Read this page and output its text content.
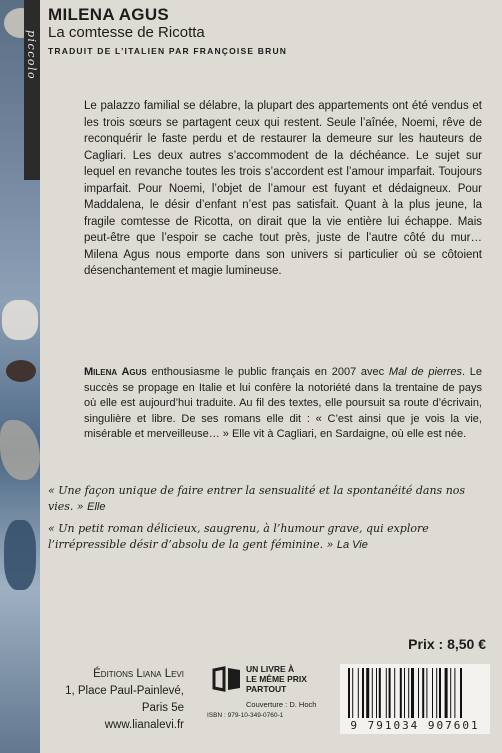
piccolo
MILENA AGUS
La comtesse de Ricotta
TRADUIT DE L’ITALIEN PAR FRANÇOISE BRUN

Le palazzo familial se délabre, la plupart des appartements ont été vendus et les trois sœurs se partagent ceux qui restent. Seule l’aînée, Noemi, rêve de reconquérir le faste perdu et de restaurer la demeure sur les hauteurs de Cagliari. Les deux autres s’accommodent de la déchéance. Le sujet sur lequel en revanche toutes les trois s’accordent est l’amour imparfait. Toujours imparfait. Pour Noemi, l’objet de l’amour est fuyant et dédaigneux. Pour Maddalena, le désir d’enfant n’est pas satisfait. Quant à la plus jeune, la fragile comtesse de Ricotta, on dirait que la vie entière lui échappe. Mais peut-être que l’espoir se cache tout près, juste de l’autre côté du mur… Milena Agus nous emporte dans son univers si particulier où se côtoient désenchantement et magie lumineuse.

Milena Agus enthousiasme le public français en 2007 avec Mal de pierres. Le succès se propage en Italie et lui confère la notoriété dans la trentaine de pays où elle est aujourd’hui traduite. Au fil des textes, elle poursuit sa route d’écrivain, singulière et libre. De ses romans elle dit : « C’est ainsi que je vois la vie, misérable et merveilleuse… » Elle vit à Cagliari, en Sardaigne, où elle est née.

« Une façon unique de faire entrer la sensualité et la spontanéité dans nos vies. » Elle

« Un petit roman délicieux, saugrenu, à l’humour grave, qui explore l’irrépressible désir d’absolu de la gent féminine. » La Vie

Prix : 8,50 €
Éditions Liana Levi
1, Place Paul-Painlevé,
Paris 5e
www.lianalevi.fr
UN LIVRE À
LE MÊME PRIX
PARTOUT
Couverture : D. Hoch
ISBN : 979-10-349-0760-1
9 791034 907601
